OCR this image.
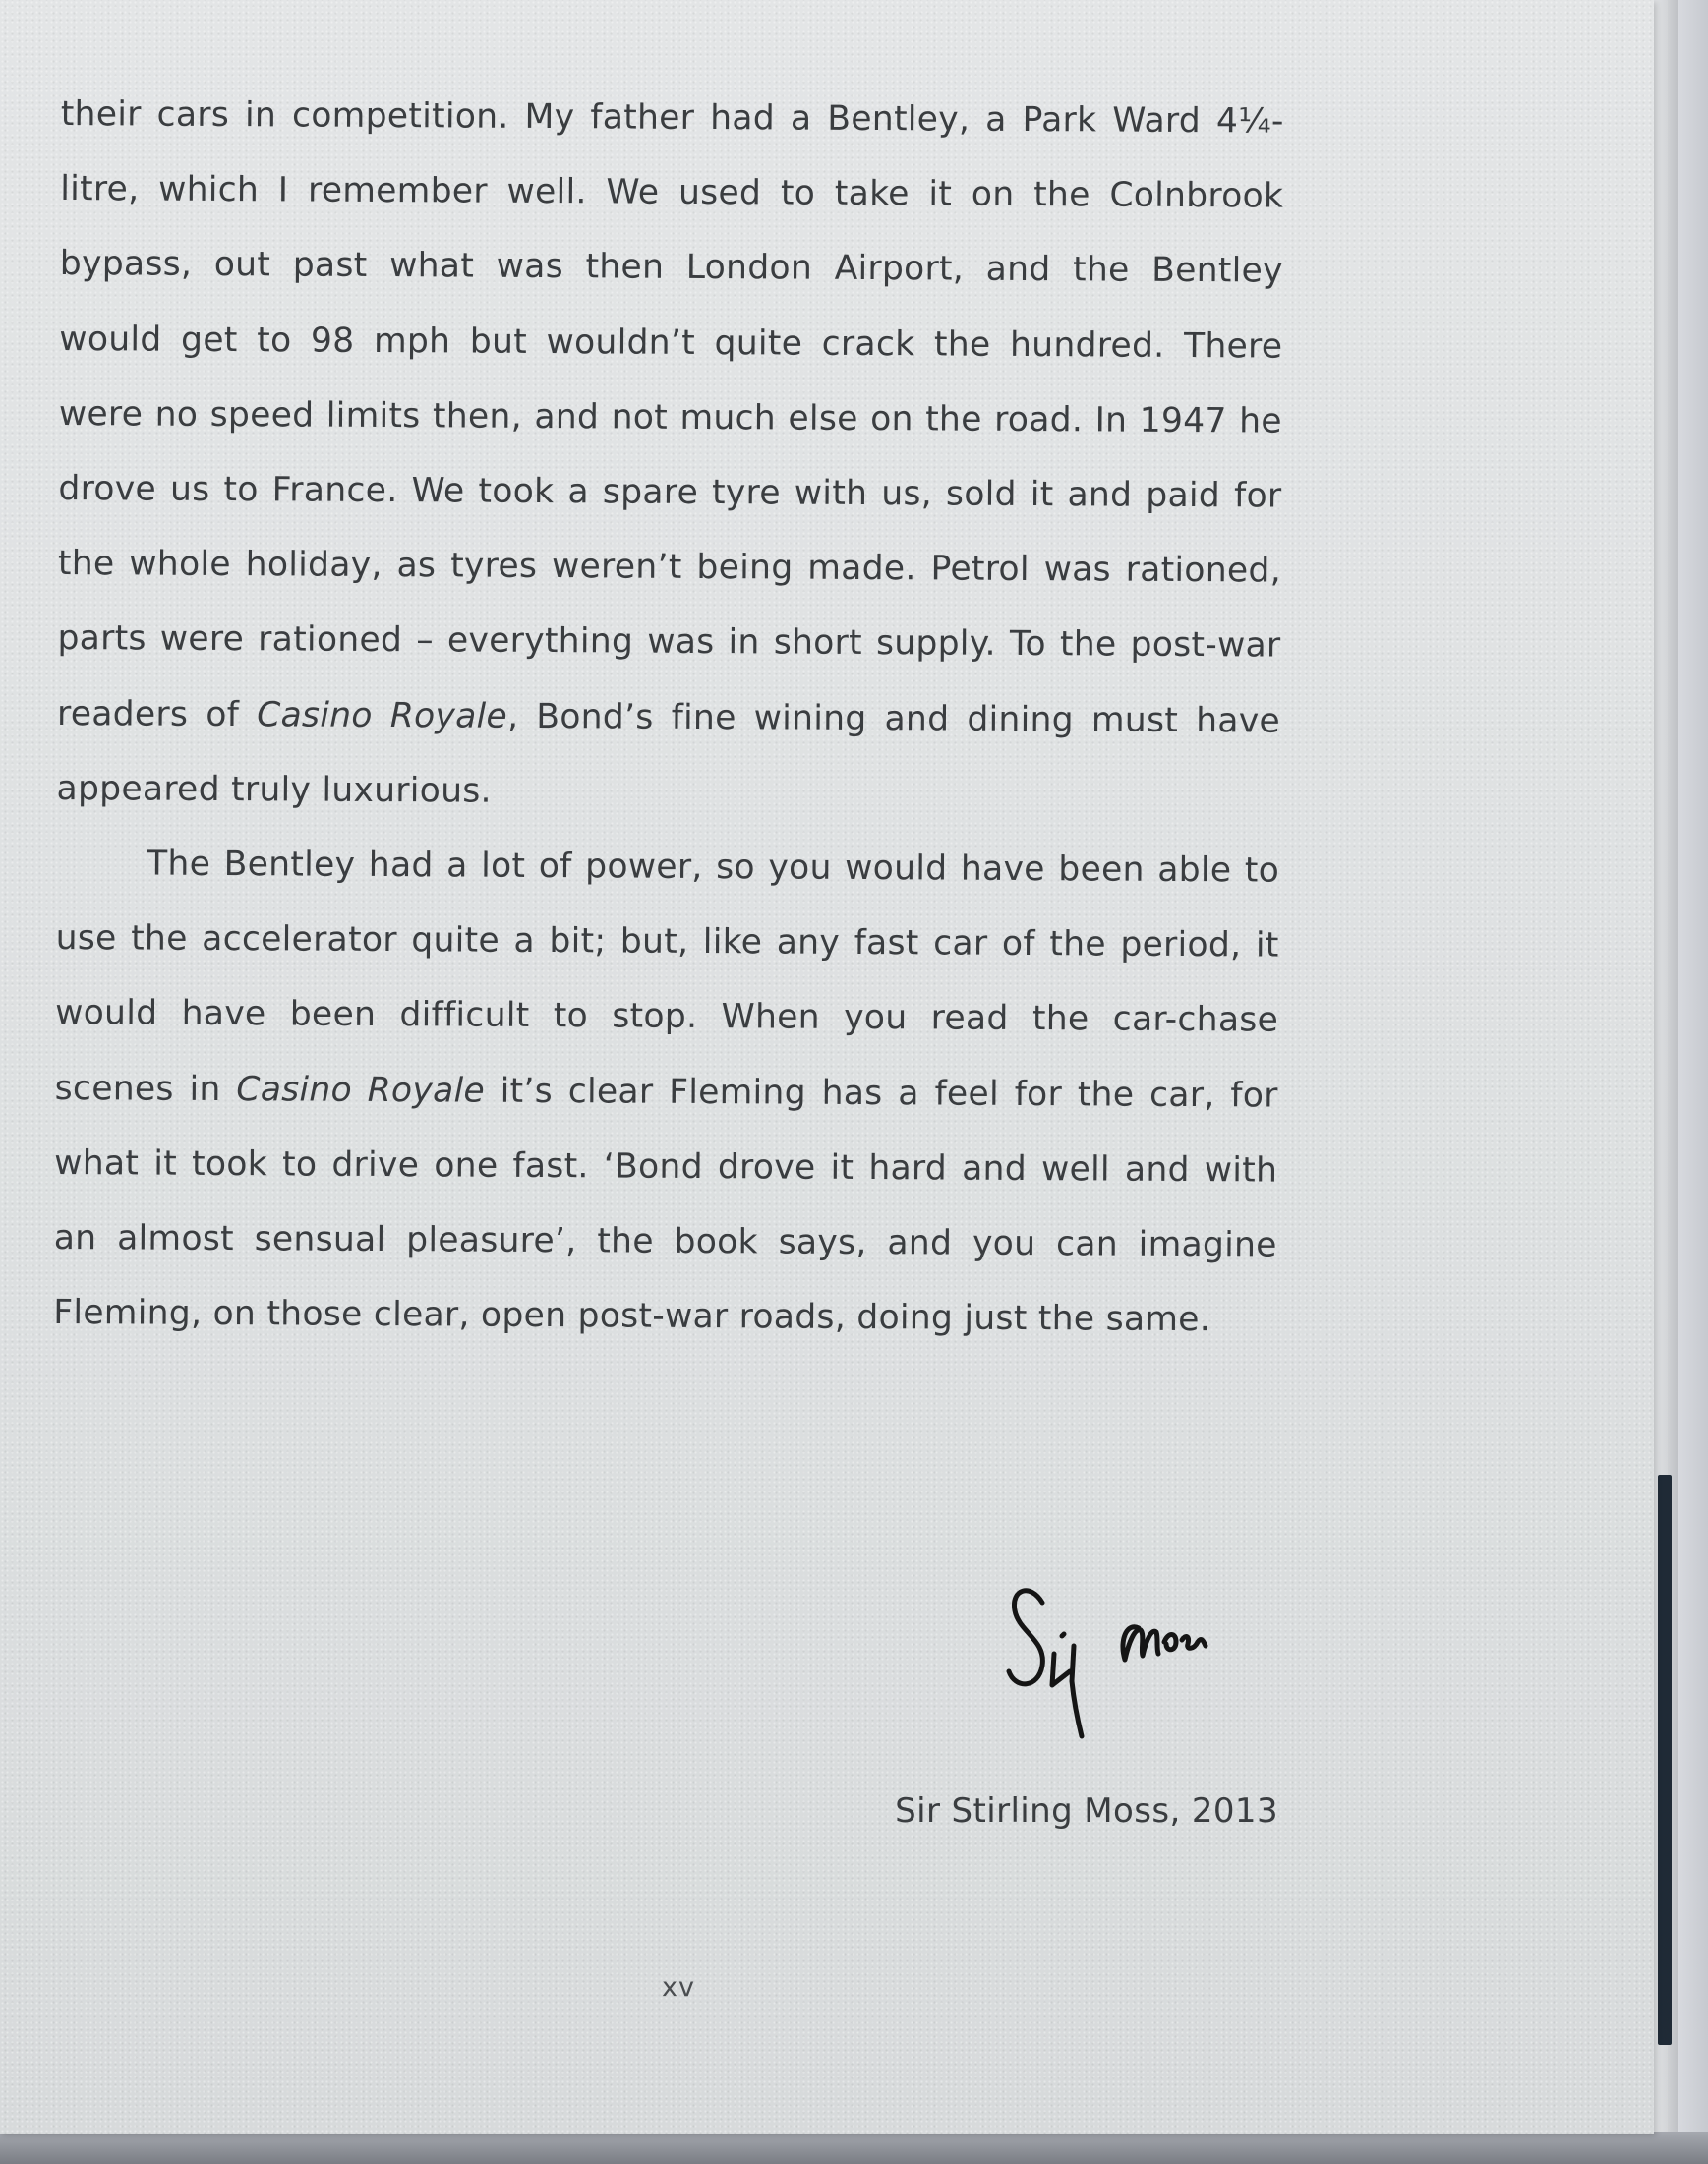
their cars in competition. My father had a Bentley, a Park Ward 4¼-litre, which I remember well. We used to take it on the Colnbrook bypass, out past what was then London Airport, and the Bentley would get to 98 mph but wouldn’t quite crack the hundred. There were no speed limits then, and not much else on the road. In 1947 he drove us to France. We took a spare tyre with us, sold it and paid for the whole holiday, as tyres weren’t being made. Petrol was rationed, parts were rationed – everything was in short supply. To the post-war readers of Casino Royale, Bond’s fine wining and dining must have appeared truly luxurious.

The Bentley had a lot of power, so you would have been able to use the accelerator quite a bit; but, like any fast car of the period, it would have been difficult to stop. When you read the car-chase scenes in Casino Royale it’s clear Fleming has a feel for the car, for what it took to drive one fast. ‘Bond drove it hard and well and with an almost sensual pleasure’, the book says, and you can imagine Fleming, on those clear, open post-war roads, doing just the same.

Sir Stirling Moss, 2013
xv
